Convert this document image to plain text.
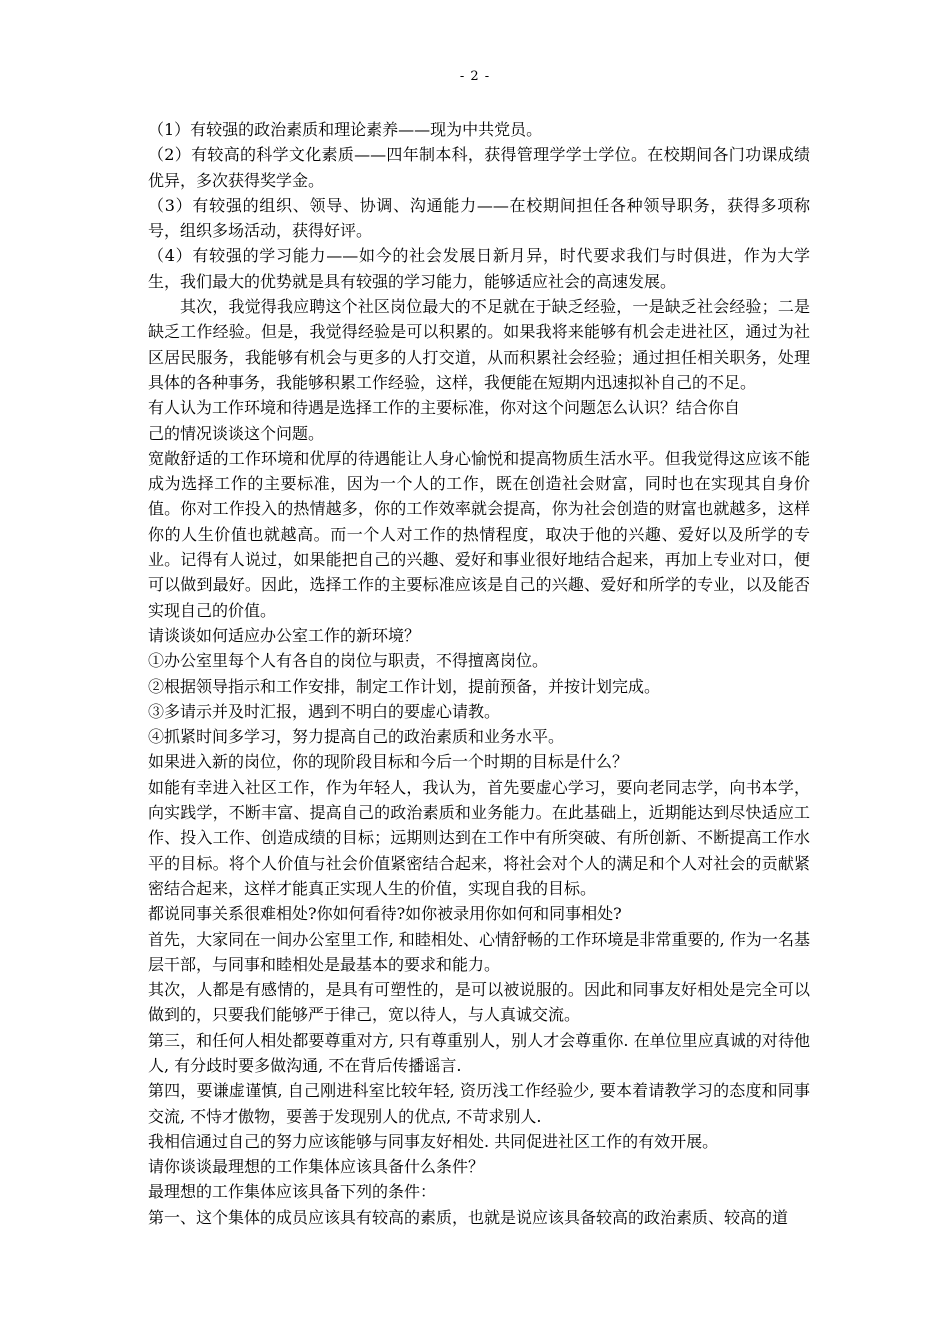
- 2 -

（1）有较强的政治素质和理论素养——现为中共党员。

（2）有较高的科学文化素质——四年制本科，获得管理学学士学位。在校期间各门功课成绩优异，多次获得奖学金。

（3）有较强的组织、领导、协调、沟通能力——在校期间担任各种领导职务，获得多项称号，组织多场活动，获得好评。

（4）有较强的学习能力——如今的社会发展日新月异，时代要求我们与时俱进，作为大学生，我们最大的优势就是具有较强的学习能力，能够适应社会的高速发展。

其次，我觉得我应聘这个社区岗位最大的不足就在于缺乏经验，一是缺乏社会经验；二是缺乏工作经验。但是，我觉得经验是可以积累的。如果我将来能够有机会走进社区，通过为社区居民服务，我能够有机会与更多的人打交道，从而积累社会经验；通过担任相关职务，处理具体的各种事务，我能够积累工作经验，这样，我便能在短期内迅速拟补自己的不足。

有人认为工作环境和待遇是选择工作的主要标准，你对这个问题怎么认识？结合你自

己的情况谈谈这个问题。

宽敞舒适的工作环境和优厚的待遇能让人身心愉悦和提高物质生活水平。但我觉得这应该不能成为选择工作的主要标准，因为一个人的工作，既在创造社会财富，同时也在实现其自身价值。你对工作投入的热情越多，你的工作效率就会提高，你为社会创造的财富也就越多，这样你的人生价值也就越高。而一个人对工作的热情程度，取决于他的兴趣、爱好以及所学的专业。记得有人说过，如果能把自己的兴趣、爱好和事业很好地结合起来，再加上专业对口，便可以做到最好。因此，选择工作的主要标准应该是自己的兴趣、爱好和所学的专业，以及能否实现自己的价值。

请谈谈如何适应办公室工作的新环境？

①办公室里每个人有各自的岗位与职责，不得擅离岗位。

②根据领导指示和工作安排，制定工作计划，提前预备，并按计划完成。

③多请示并及时汇报，遇到不明白的要虚心请教。

④抓紧时间多学习，努力提高自己的政治素质和业务水平。

如果进入新的岗位，你的现阶段目标和今后一个时期的目标是什么？

如能有幸进入社区工作，作为年轻人，我认为，首先要虚心学习，要向老同志学，向书本学，向实践学，不断丰富、提高自己的政治素质和业务能力。在此基础上，近期能达到尽快适应工作、投入工作、创造成绩的目标；远期则达到在工作中有所突破、有所创新、不断提高工作水平的目标。将个人价值与社会价值紧密结合起来，将社会对个人的满足和个人对社会的贡献紧密结合起来，这样才能真正实现人生的价值，实现自我的目标。

都说同事关系很难相处?你如何看待?如你被录用你如何和同事相处?

首先，大家同在一间办公室里工作, 和睦相处、心情舒畅的工作环境是非常重要的, 作为一名基层干部，与同事和睦相处是最基本的要求和能力。

其次，人都是有感情的，是具有可塑性的，是可以被说服的。因此和同事友好相处是完全可以做到的，只要我们能够严于律己，宽以待人，与人真诚交流。

第三，和任何人相处都要尊重对方, 只有尊重别人，别人才会尊重你. 在单位里应真诚的对待他人, 有分歧时要多做沟通, 不在背后传播谣言.

第四，要谦虚谨慎, 自己刚进科室比较年轻, 资历浅工作经验少, 要本着请教学习的态度和同事交流, 不恃才傲物，要善于发现别人的优点, 不苛求别人.

我相信通过自己的努力应该能够与同事友好相处. 共同促进社区工作的有效开展。

请你谈谈最理想的工作集体应该具备什么条件？

最理想的工作集体应该具备下列的条件：

第一、这个集体的成员应该具有较高的素质，也就是说应该具备较高的政治素质、较高的道
